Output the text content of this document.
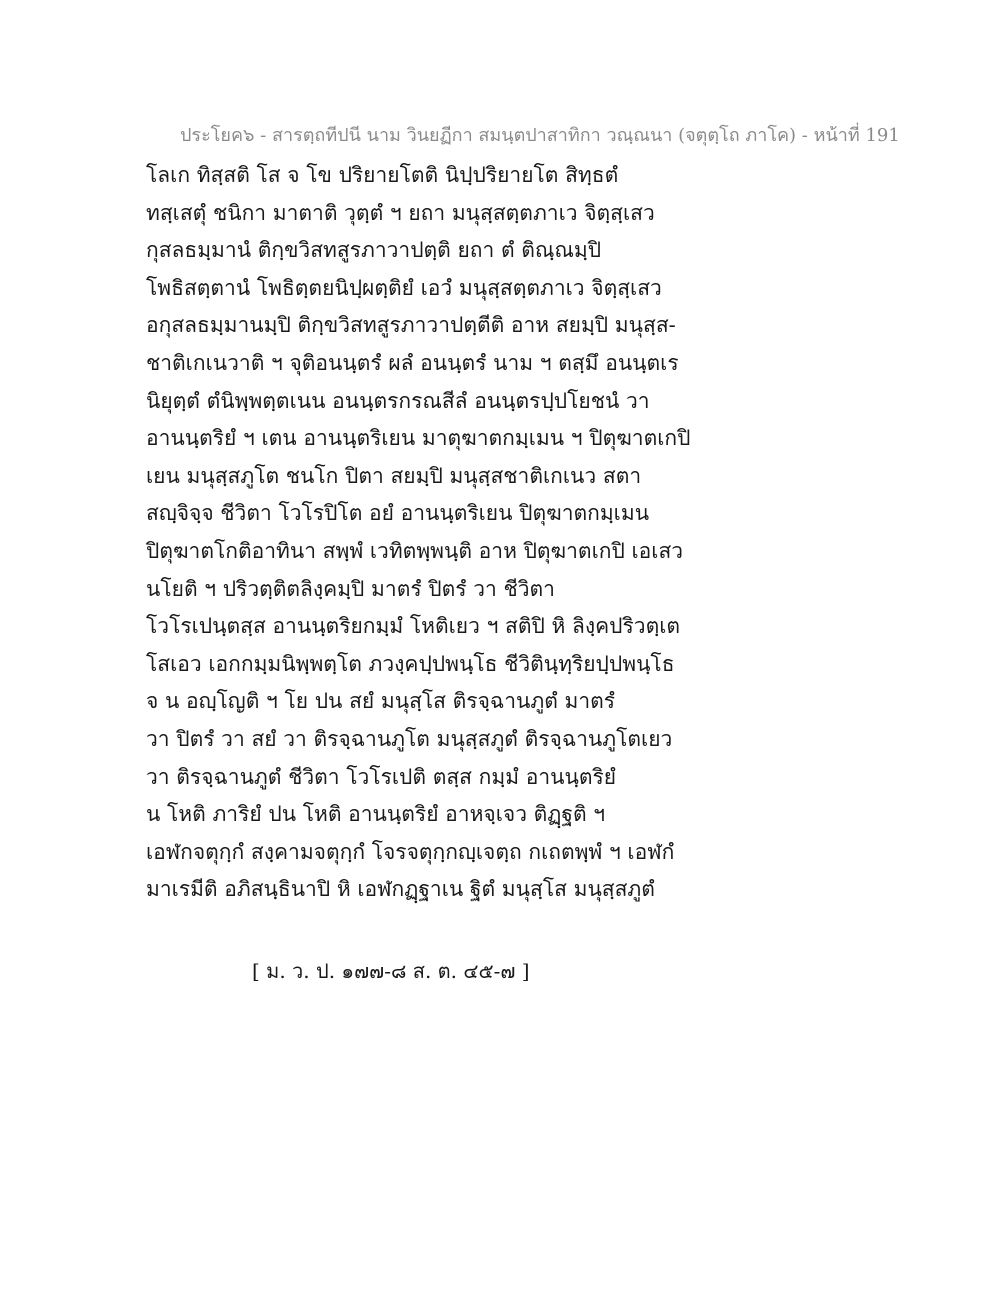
ประโยค๖ - สารตฺถทีปนี นาม วินยฏีกา สมนฺตปาสาทิกา วณฺณนา (จตุตฺโถ ภาโค) - หน้าที่ 191
โลเก ทิสฺสติ โส จ โข ปริยายโตติ นิปฺปริยายโต สิทฺธตํ
ทสฺเสตุํ ชนิกา มาตาติ วุตฺตํ ฯ ยถา มนุสฺสตฺตภาเว จิตฺสฺเสว
กุสลธมฺมานํ ติกฺขวิสทสูรภาวาปตฺติ ยถา ตํ ติณฺณมฺปิ
โพธิสตฺตานํ โพธิตฺตยนิปฺผตฺติยํ เอวํ มนุสฺสตฺตภาเว จิตฺสฺเสว
อกุสลธมฺมานมฺปิ ติกฺขวิสทสูรภาวาปตฺตีติ อาห สยมฺปิ มนุสฺส-
ชาติเกเนวาติ ฯ จุติอนนฺตรํ ผลํ อนนฺตรํ นาม ฯ ตสฺมึ อนนฺตเร
นิยุตฺตํ ตํนิพฺพตฺตเนน อนนฺตรกรณสีลํ อนนฺตรปฺปโยชนํ วา
อานนฺตริยํ ฯ เตน อานนฺตริเยน มาตุฆาตกมฺเมน ฯ ปิตุฆาตเกปิ
เยน มนุสฺสภูโต ชนโก ปิตา สยมฺปิ มนุสฺสชาติเกเนว สตา
สญฺจิจฺจ ชีวิตา โวโรปิโต อยํ อานนฺตริเยน ปิตุฆาตกมฺเมน
ปิตุฆาตโกติอาทินา สพฺพํ เวทิตพฺพนฺติ อาห ปิตุฆาตเกปิ เอเสว
นโยติ ฯ ปริวตฺติตลิงฺคมฺปิ มาตรํ ปิตรํ วา ชีวิตา
โวโรเปนฺตสฺส อานนฺตริยกมฺมํ โหติเยว ฯ สติปิ หิ ลิงฺคปริวตฺเต
โสเอว เอกกมฺมนิพฺพตฺโต ภวงฺคปฺปพนฺโธ ชีวิตินฺทฺริยปฺปพนฺโธ
จ น อญฺโญติ ฯ โย ปน สยํ มนุสฺโส ติรจฺฉานภูตํ มาตรํ
วา ปิตรํ วา สยํ วา ติรจฺฉานภูโต มนุสฺสภูตํ ติรจฺฉานภูโตเยว
วา ติรจฺฉานภูตํ ชีวิตา โวโรเปติ ตสฺส กมฺมํ อานนฺตริยํ
น โหติ ภาริยํ ปน โหติ อานนฺตริยํ อาหจฺเจว ติฏฺฐติ ฯ
เอฬกจตุกฺกํ สงฺคามจตุกฺกํ โจรจตุกฺกญฺเจตฺถ กเถตพฺพํ ฯ เอฬกํ
มาเรมีติ อภิสนฺธินาปิ หิ เอฬกฏฺฐาเน ฐิตํ มนุสฺโส มนุสฺสภูตํ
[ ม. ว. ป. ๑๗๗-๘ ส. ต. ๔๕-๗ ]
